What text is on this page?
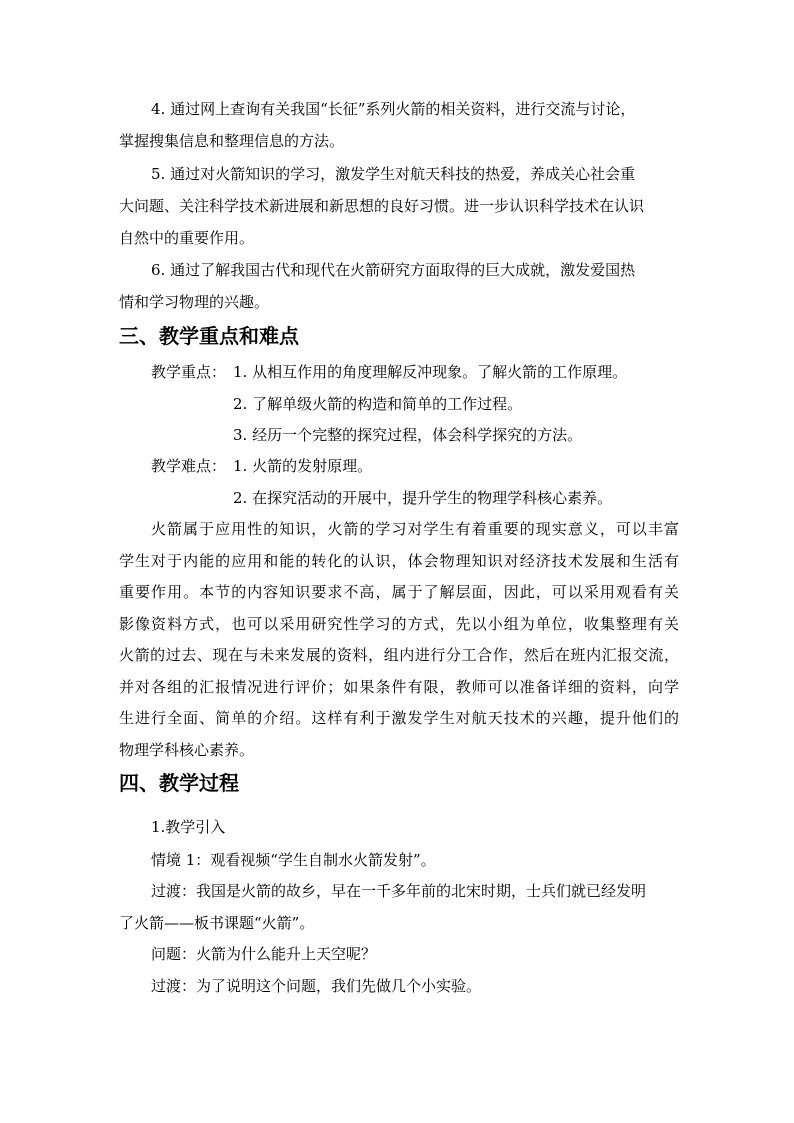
4. 通过网上查询有关我国“长征”系列火箭的相关资料，进行交流与讨论，
掌握搜集信息和整理信息的方法。
5. 通过对火箭知识的学习，激发学生对航天科技的热爱，养成关心社会重
大问题、关注科学技术新进展和新思想的良好习惯。进一步认识科学技术在认识
自然中的重要作用。
6. 通过了解我国古代和现代在火箭研究方面取得的巨大成就，激发爱国热
情和学习物理的兴趣。
三、教学重点和难点
教学重点： 1. 从相互作用的角度理解反冲现象。了解火箭的工作原理。
2. 了解单级火箭的构造和简单的工作过程。
3. 经历一个完整的探究过程，体会科学探究的方法。
教学难点： 1. 火箭的发射原理。
2. 在探究活动的开展中，提升学生的物理学科核心素养。
火箭属于应用性的知识，火箭的学习对学生有着重要的现实意义，可以丰富
学生对于内能的应用和能的转化的认识，体会物理知识对经济技术发展和生活有
重要作用。本节的内容知识要求不高，属于了解层面，因此，可以采用观看有关
影像资料方式，也可以采用研究性学习的方式，先以小组为单位，收集整理有关
火箭的过去、现在与未来发展的资料，组内进行分工合作，然后在班内汇报交流，
并对各组的汇报情况进行评价；如果条件有限，教师可以准备详细的资料，向学
生进行全面、简单的介绍。这样有利于激发学生对航天技术的兴趣，提升他们的
物理学科核心素养。
四、教学过程
1.教学引入
情境 1：观看视频“学生自制水火箭发射”。
过渡：我国是火箭的故乡，早在一千多年前的北宋时期，士兵们就已经发明
了火箭——板书课题“火箭”。
问题：火箭为什么能升上天空呢？
过渡：为了说明这个问题，我们先做几个小实验。
